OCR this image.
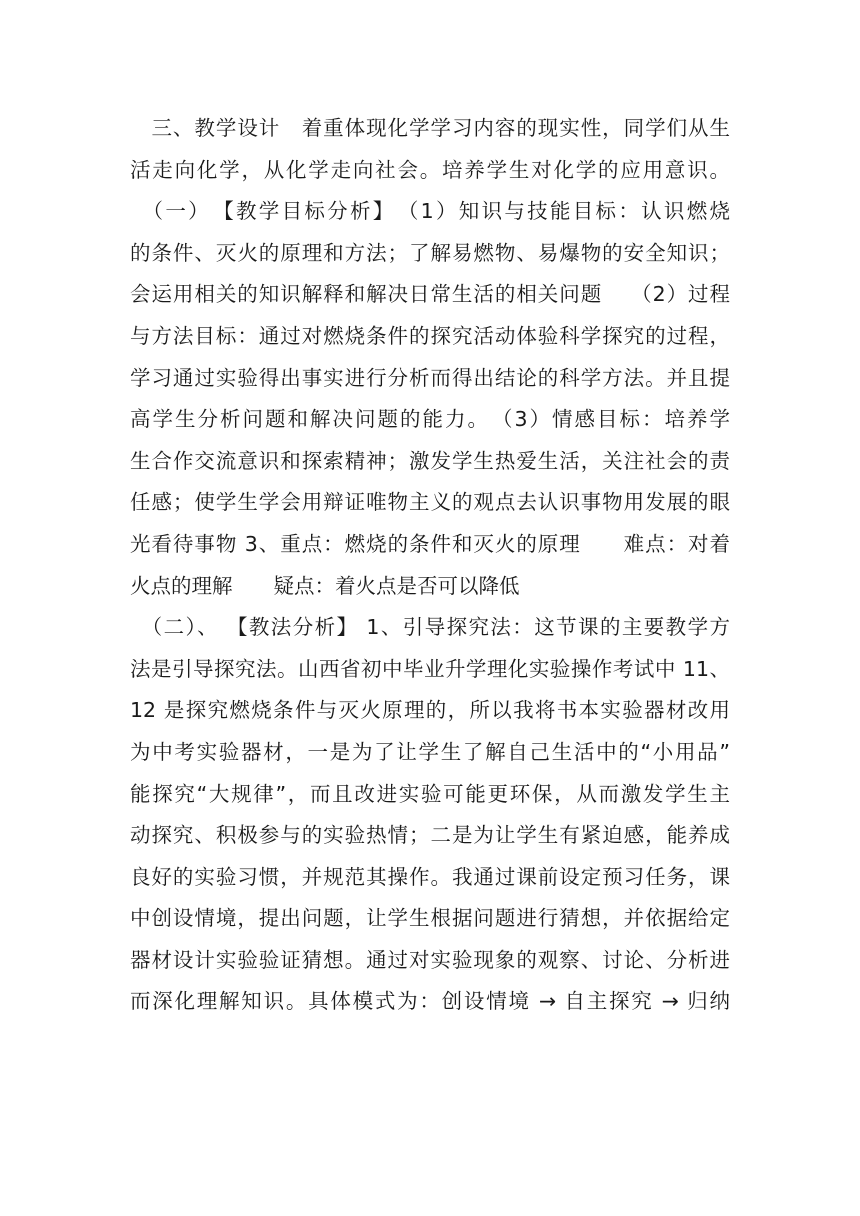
　三、教学设计　着重体现化学学习内容的现实性，同学们从生
活走向化学，从化学走向社会。培养学生对化学的应用意识。
　（一）　【教学目标分析】　（1）知识与技能目标：认识燃烧
的条件、灭火的原理和方法；了解易燃物、易爆物的安全知识；
会运用相关的知识解释和解决日常生活的相关问题　 （2）过程
与方法目标：通过对燃烧条件的探究活动体验科学探究的过程，
学习通过实验得出事实进行分析而得出结论的科学方法。并且提
高学生分析问题和解决问题的能力。　（3）情感目标：培养学
生合作交流意识和探索精神；激发学生热爱生活，关注社会的责
任感；使学生学会用辩证唯物主义的观点去认识事物用发展的眼
光看待事物 3、重点：燃烧的条件和灭火的原理　　难点：对着
火点的理解　　疑点：着火点是否可以降低
　（二）、 【教法分析】 1、引导探究法：这节课的主要教学方
法是引导探究法。山西省初中毕业升学理化实验操作考试中 11、
12 是探究燃烧条件与灭火原理的，所以我将书本实验器材改用
为中考实验器材，一是为了让学生了解自己生活中的“小用品”
能探究“大规律”，而且改进实验可能更环保，从而激发学生主
动探究、积极参与的实验热情；二是为让学生有紧迫感，能养成
良好的实验习惯，并规范其操作。我通过课前设定预习任务，课
中创设情境，提出问题，让学生根据问题进行猜想，并依据给定
器材设计实验验证猜想。通过对实验现象的观察、讨论、分析进
而深化理解知识。具体模式为：创设情境 → 自主探究 → 归纳
